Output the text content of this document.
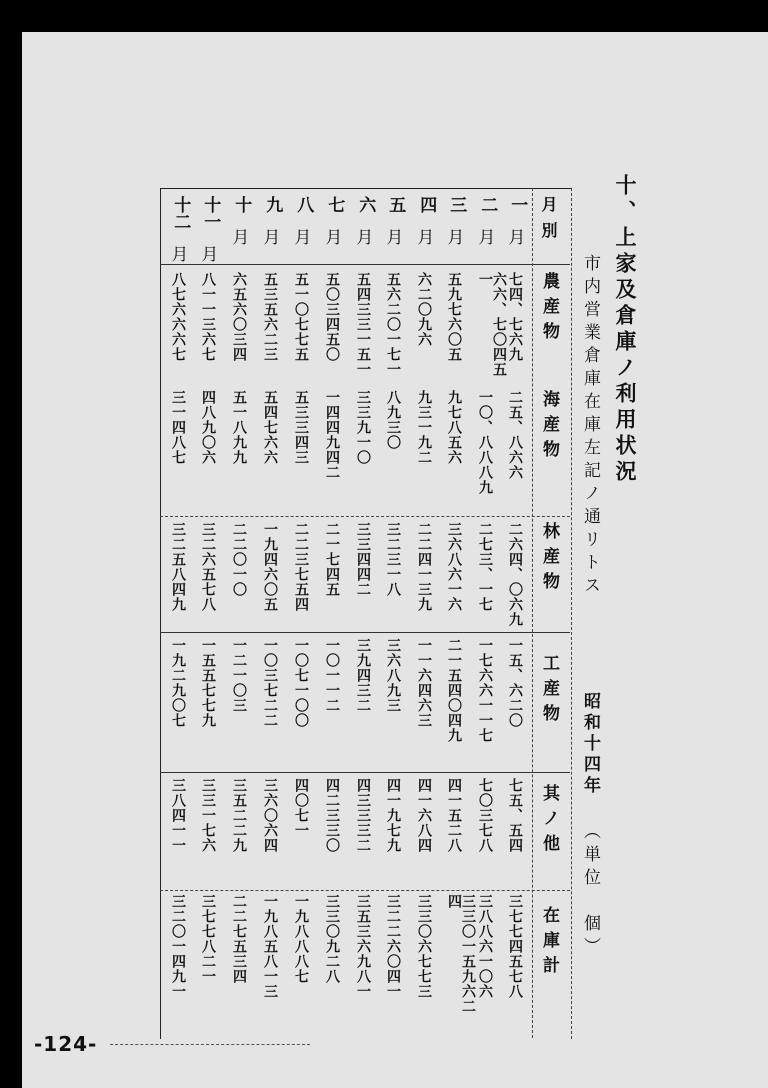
十、上家及倉庫ノ利用状況
市内営業倉庫在庫左記ノ通リトス
昭和十四年
（単位　個）
月別
農産物
海産物
林産物
工産物
其ノ他
在庫計
一
月
七四、七六九
二五、八六六
二六四、〇六九
一五、六二〇
七五、五四
三七七四五七八
二
月
六六、七〇四五一
一〇、八八八九
二七三、一七
一七六六一一七
七〇三七八
三八八六一〇六
三
月
五九七六〇五
九七八五六
三六八六一六
二一五四〇四九
四一五二八
三三〇一五九六二四
四
月
六二〇九六
九三一九二
二二四一三九
一一六四六三
四一六八四
三三〇六七七三
五
月
五六二〇一七一
八九三〇
三二三一八
三六八九三
四一九七九
三二二六〇四一
六
月
五四三三一五一
三三九一〇
三三四四二
三九四三二
四三三三二
三五三六九八一
七
月
五〇三四五〇
一四四九四二
二一七四五
一〇一一二
四二三三〇
三三〇九二八
八
月
五一〇七七五
五三三四三
二二三七五四
一〇七一〇〇
四〇七一
一九八八八七
九
月
五三五六二三
五四七六六
一九四六〇五
一〇三七二二
三六〇六四
一九八五八一三
十
月
六五六〇三四
五一八九九
二二〇一〇
一二一〇三
三五二二九
二二七五三四
十一
月
八一一三六七
四八九〇六
三二六五七八
一五五七七九
三三一七六
三七七八二一
十二
月
八七六六六七
三一四八七
三二五八四九
一九二九〇七
三八四一一
三二〇一四九一
-124-
